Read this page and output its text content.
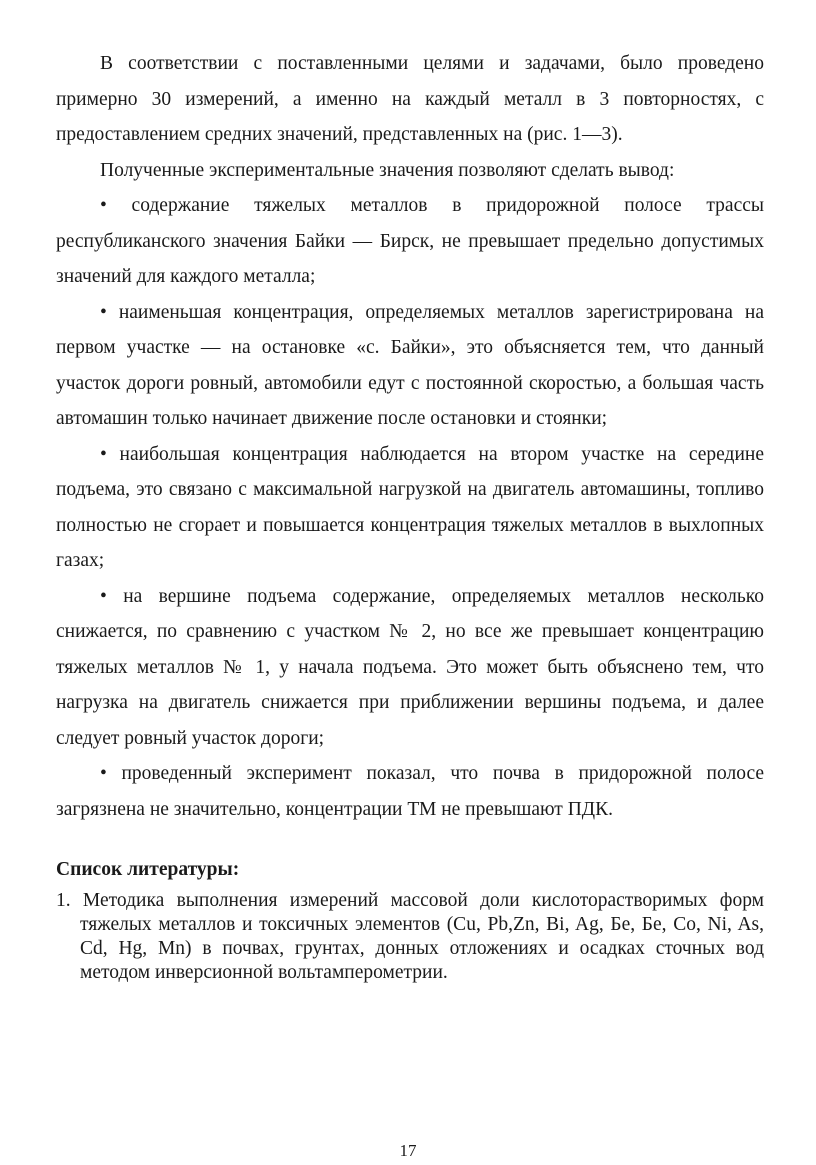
В соответствии с поставленными целями и задачами, было проведено примерно 30 измерений, а именно на каждый металл в 3 повторностях, с предоставлением средних значений, представленных на (рис. 1—3).

Полученные экспериментальные значения позволяют сделать вывод:

• содержание тяжелых металлов в придорожной полосе трассы республиканского значения Байки — Бирск, не превышает предельно допустимых значений для каждого металла;

• наименьшая концентрация, определяемых металлов зарегистрирована на первом участке — на остановке «с. Байки», это объясняется тем, что данный участок дороги ровный, автомобили едут с постоянной скоростью, а большая часть автомашин только начинает движение после остановки и стоянки;

• наибольшая концентрация наблюдается на втором участке на середине подъема, это связано с максимальной нагрузкой на двигатель автомашины, топливо полностью не сгорает и повышается концентрация тяжелых металлов в выхлопных газах;

• на вершине подъема содержание, определяемых металлов несколько снижается, по сравнению с участком № 2, но все же превышает концентрацию тяжелых металлов № 1, у начала подъема. Это может быть объяснено тем, что нагрузка на двигатель снижается при приближении вершины подъема, и далее следует ровный участок дороги;

• проведенный эксперимент показал, что почва в придорожной полосе загрязнена не значительно, концентрации ТМ не превышают ПДК.

Список литературы:
1. Методика выполнения измерений массовой доли кислоторастворимых форм тяжелых металлов и токсичных элементов (Cu, Pb,Zn, Bi, Ag, Бе, Бе, Co, Ni, As, Cd, Hg, Mn) в почвах, грунтах, донных отложениях и осадках сточных вод методом инверсионной вольтамперометрии.
17
